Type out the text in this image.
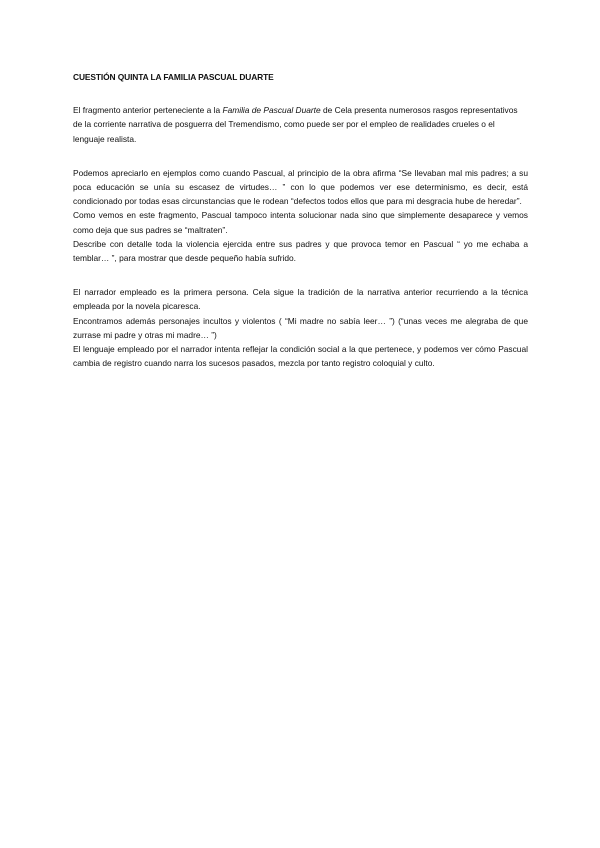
CUESTIÓN QUINTA LA FAMILIA PASCUAL DUARTE

El fragmento anterior perteneciente a la Familia de Pascual Duarte de Cela presenta numerosos rasgos representativos de la corriente narrativa de posguerra del Tremendismo, como puede ser por el empleo de realidades crueles o el lenguaje realista.

Podemos apreciarlo en ejemplos como cuando Pascual, al principio de la obra afirma “Se llevaban mal mis padres; a su poca educación se unía su escasez de virtudes… ” con lo que podemos ver ese determinismo, es decir, está condicionado por todas esas circunstancias que le rodean “defectos todos ellos que para mi desgracia hube de heredar”.

Como vemos en este fragmento, Pascual tampoco intenta solucionar nada sino que simplemente desaparece y vemos como deja que sus padres se “maltraten”.

Describe con detalle toda la violencia ejercida entre sus padres y que provoca temor en Pascual “ yo me echaba a temblar… ”, para mostrar que desde pequeño había sufrido.

El narrador empleado es la primera persona. Cela sigue la tradición de la narrativa anterior recurriendo a la técnica empleada por la novela picaresca.

Encontramos además personajes incultos y violentos ( “Mi madre no sabía leer… ”) (“unas veces me alegraba de que zurrase mi padre y otras mi madre… ”)

El lenguaje empleado por el narrador intenta reflejar la condición social a la que pertenece, y podemos ver cómo Pascual cambia de registro cuando narra los sucesos pasados, mezcla por tanto registro coloquial y culto.
